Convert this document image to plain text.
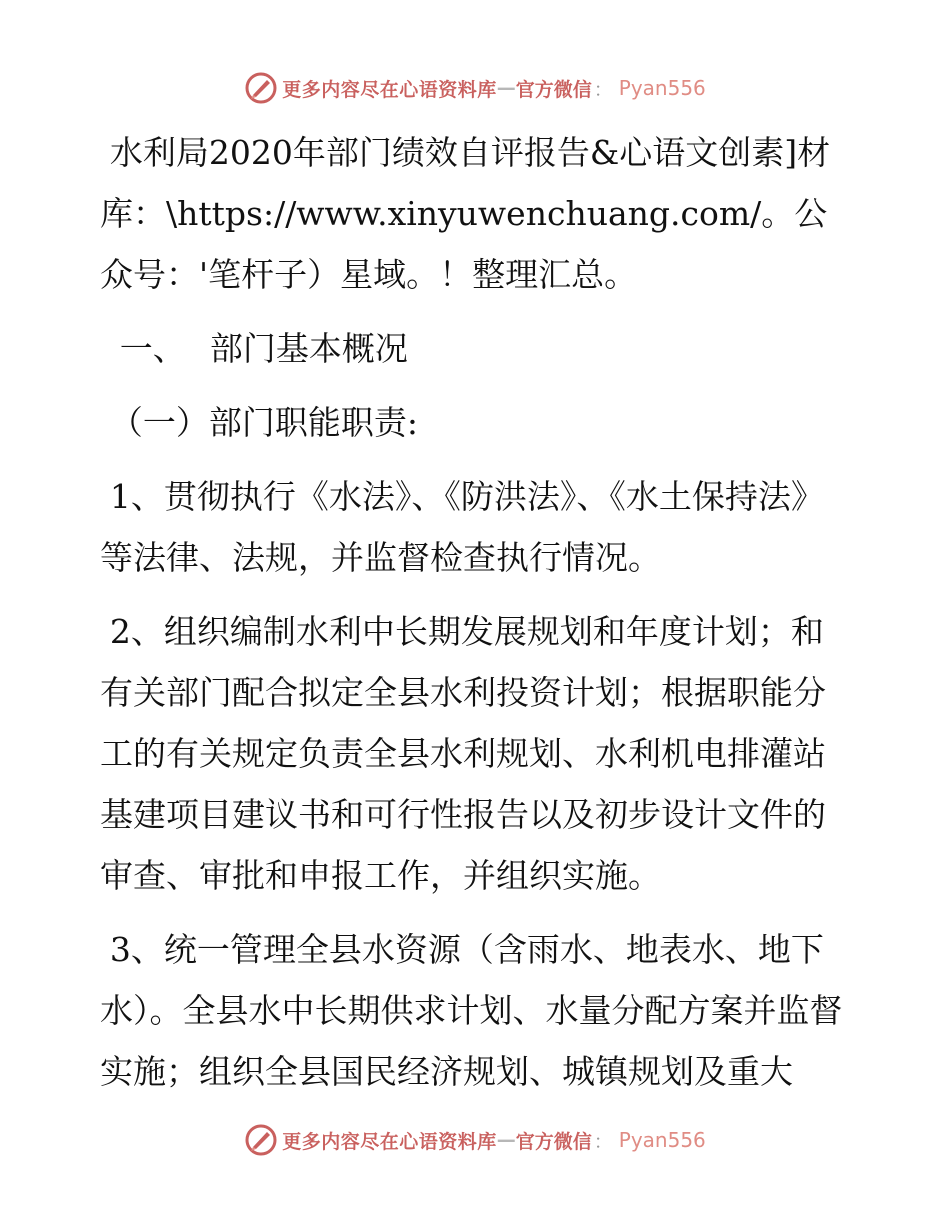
更多内容尽在心语资料库 — 官方微信 ： Pyan556

水利局2020年部门绩效自评报告&心语文创素]材库：\https://www.xinyuwenchuang.com/。公众号：'笔杆子）星域。！整理汇总。

一、 部门基本概况

（一）部门职能职责:

1、贯彻执行《水法》、《防洪法》、《水土保持法》等法律、法规，并监督检查执行情况。

2、组织编制水利中长期发展规划和年度计划；和有关部门配合拟定全县水利投资计划；根据职能分工的有关规定负责全县水利规划、水利机电排灌站基建项目建议书和可行性报告以及初步设计文件的审查、审批和申报工作，并组织实施。

3、统一管理全县水资源（含雨水、地表水、地下水）。全县水中长期供求计划、水量分配方案并监督实施；组织全县国民经济规划、城镇规划及重大

更多内容尽在心语资料库 — 官方微信 ： Pyan556
